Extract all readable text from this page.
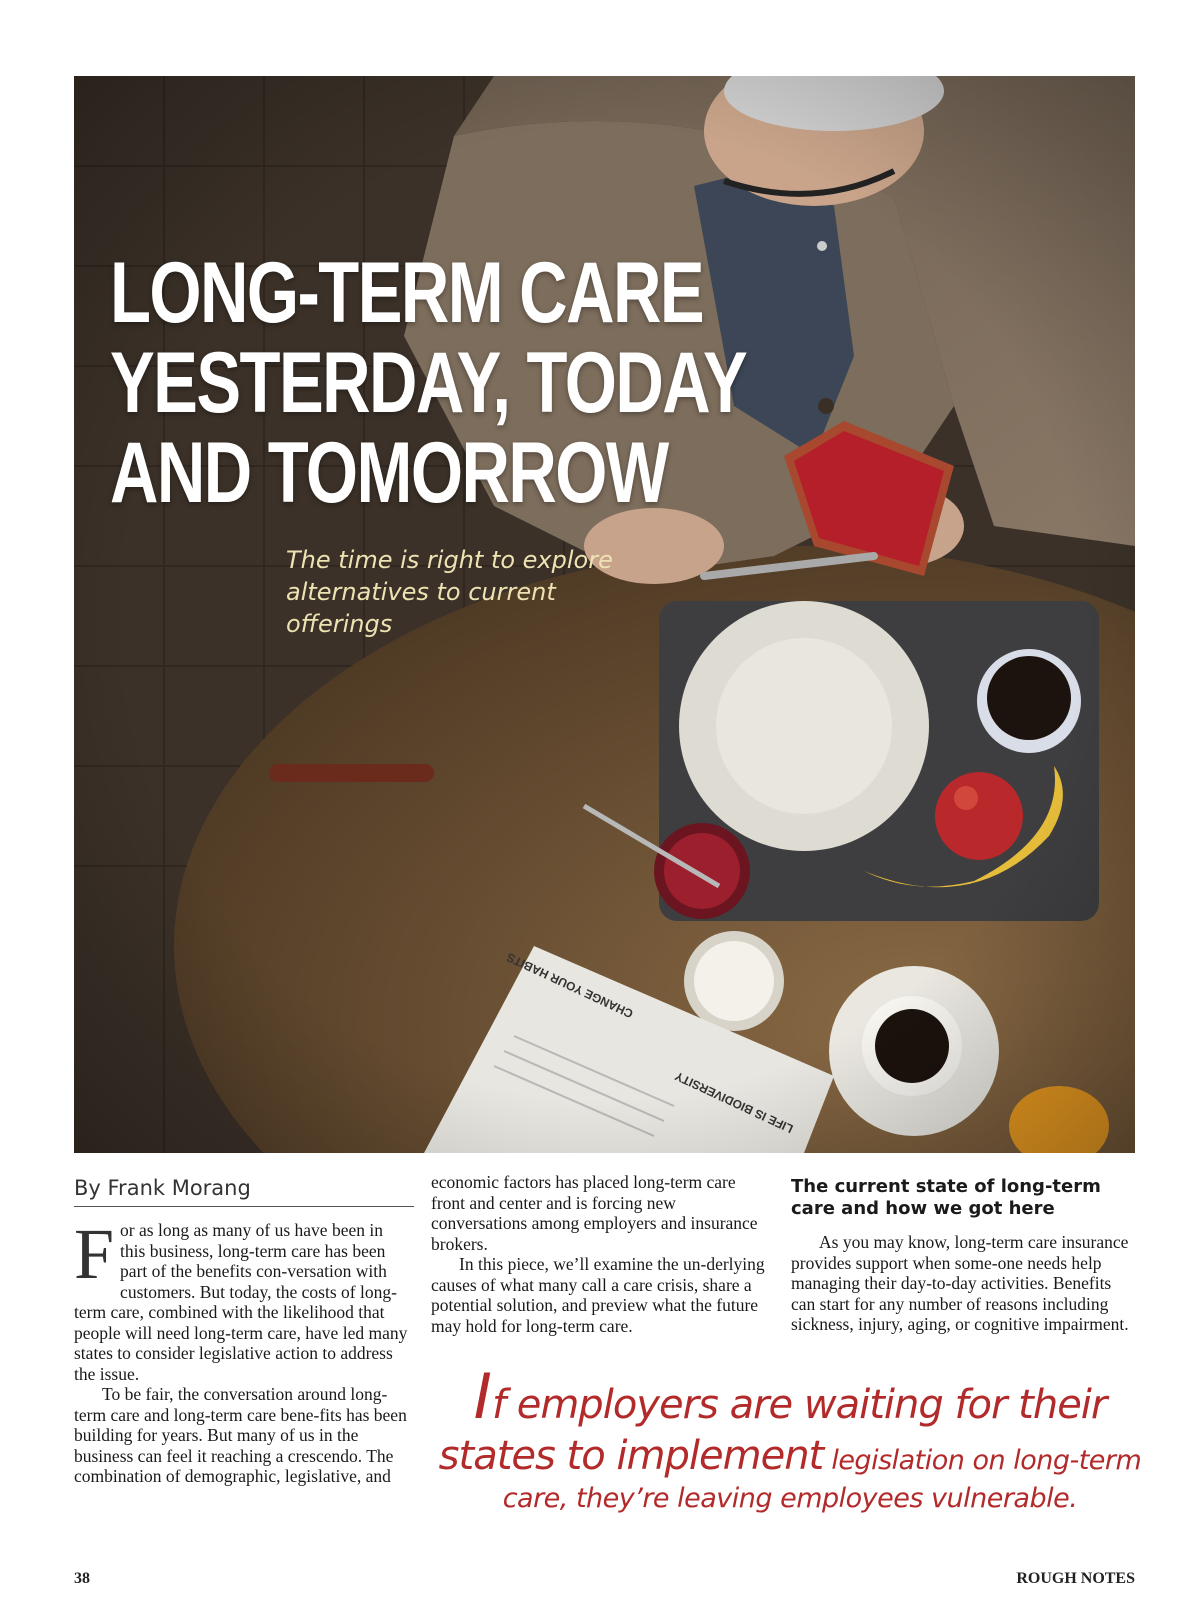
LONG-TERM CARE
YESTERDAY, TODAY
AND TOMORROW
The time is right to explore
alternatives to current
offerings
By Frank Morang

For as long as many of us have been in this business, long-term care has been part of the benefits con-versation with customers. But today, the costs of long-term care, combined with the likelihood that people will need long-term care, have led many states to consider legislative action to address the issue.

To be fair, the conversation around long-term care and long-term care bene-fits has been building for years. But many of us in the business can feel it reaching a crescendo. The combination of demographic, legislative, and

economic factors has placed long-term care front and center and is forcing new conversations among employers and insurance brokers.

In this piece, we’ll examine the un-derlying causes of what many call a care crisis, share a potential solution, and preview what the future may hold for long-term care.

The current state of long-term care and how we got here

As you may know, long-term care insurance provides support when some-one needs help managing their day-to-day activities. Benefits can start for any number of reasons including sickness, injury, aging, or cognitive impairment.

If employers are waiting for their
states to implement legislation on long-term
care, they’re leaving employees vulnerable.
38	ROUGH NOTES
